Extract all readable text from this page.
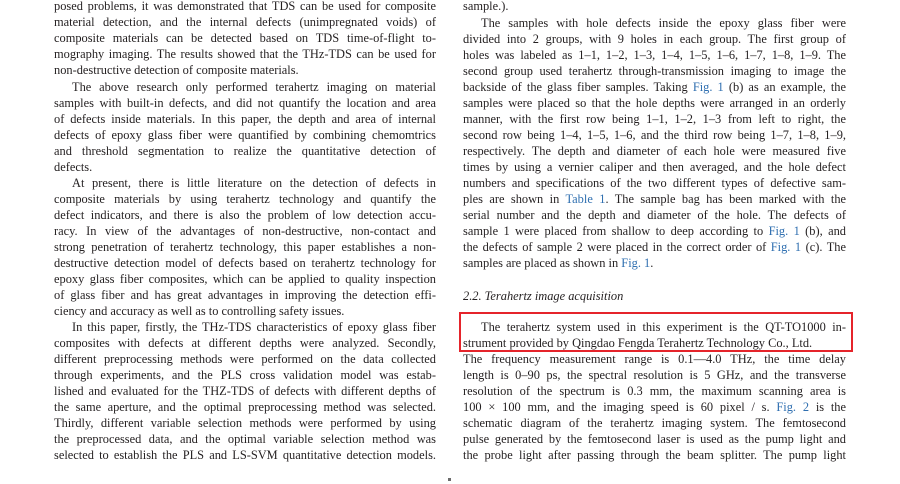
posed problems, it was demonstrated that TDS can be used for composite
material detection, and the internal defects (unimpregnated voids) of
composite materials can be detected based on TDS time-of-flight to-
mography imaging. The results showed that the THz-TDS can be used for
non-destructive detection of composite materials.
The above research only performed terahertz imaging on material
samples with built-in defects, and did not quantify the location and area
of defects inside materials. In this paper, the depth and area of internal
defects of epoxy glass fiber were quantified by combining chemomtrics
and threshold segmentation to realize the quantitative detection of
defects.
At present, there is little literature on the detection of defects in
composite materials by using terahertz technology and quantify the
defect indicators, and there is also the problem of low detection accu-
racy. In view of the advantages of non-destructive, non-contact and
strong penetration of terahertz technology, this paper establishes a non-
destructive detection model of defects based on terahertz technology for
epoxy glass fiber composites, which can be applied to quality inspection
of glass fiber and has great advantages in improving the detection effi-
ciency and accuracy as well as to controlling safety issues.
In this paper, firstly, the THz-TDS characteristics of epoxy glass fiber
composites with defects at different depths were analyzed. Secondly,
different preprocessing methods were performed on the data collected
through experiments, and the PLS cross validation model was estab-
lished and evaluated for the THZ-TDS of defects with different depths of
the same aperture, and the optimal preprocessing method was selected.
Thirdly, different variable selection methods were performed by using
the preprocessed data, and the optimal variable selection method was
selected to establish the PLS and LS-SVM quantitative detection models.
sample.).
The samples with hole defects inside the epoxy glass fiber were
divided into 2 groups, with 9 holes in each group. The first group of
holes was labeled as 1–1, 1–2, 1–3, 1–4, 1–5, 1–6, 1–7, 1–8, 1–9. The
second group used terahertz through-transmission imaging to image the
backside of the glass fiber samples. Taking Fig. 1 (b) as an example, the
samples were placed so that the hole depths were arranged in an orderly
manner, with the first row being 1–1, 1–2, 1–3 from left to right, the
second row being 1–4, 1–5, 1–6, and the third row being 1–7, 1–8, 1–9,
respectively. The depth and diameter of each hole were measured five
times by using a vernier caliper and then averaged, and the hole defect
numbers and specifications of the two different types of defective sam-
ples are shown in Table 1. The sample bag has been marked with the
serial number and the depth and diameter of the hole. The defects of
sample 1 were placed from shallow to deep according to Fig. 1 (b), and
the defects of sample 2 were placed in the correct order of Fig. 1 (c). The
samples are placed as shown in Fig. 1.
2.2. Terahertz image acquisition
The terahertz system used in this experiment is the QT-TO1000 in-
strument provided by Qingdao Fengda Terahertz Technology Co., Ltd.
The frequency measurement range is 0.1—4.0 THz, the time delay
length is 0–90 ps, the spectral resolution is 5 GHz, and the transverse
resolution of the spectrum is 0.3 mm, the maximum scanning area is
100 × 100 mm, and the imaging speed is 60 pixel / s. Fig. 2 is the
schematic diagram of the terahertz imaging system. The femtosecond
pulse generated by the femtosecond laser is used as the pump light and
the probe light after passing through the beam splitter. The pump light
